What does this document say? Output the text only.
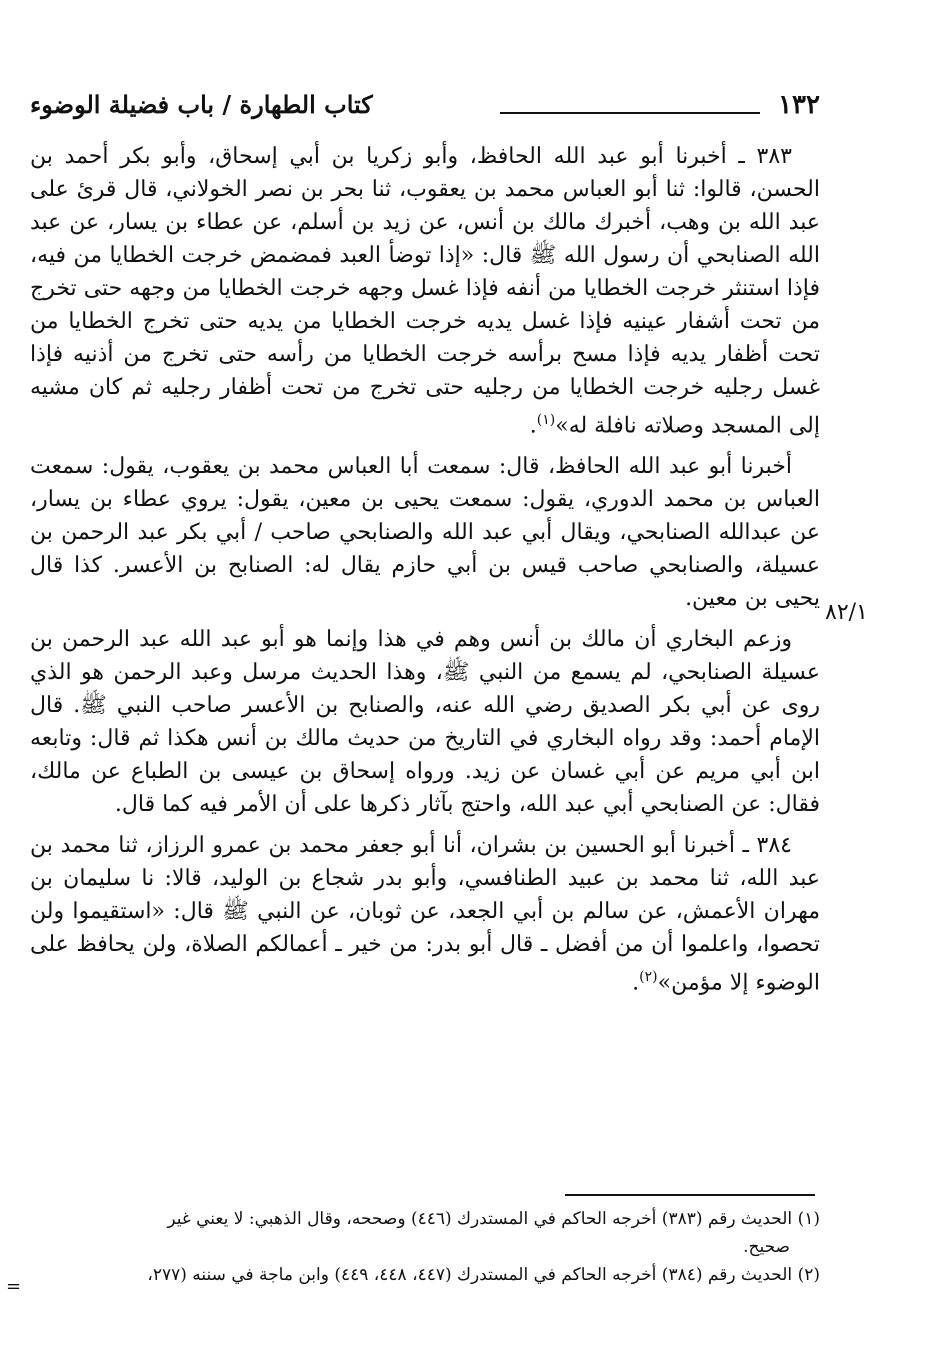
١٣٢
كتاب الطهارة / باب فضيلة الوضوء
٨٢/١

٣٨٣ ـ أخبرنا أبو عبد الله الحافظ، وأبو زكريا بن أبي إسحاق، وأبو بكر أحمد بن الحسن، قالوا: ثنا أبو العباس محمد بن يعقوب، ثنا بحر بن نصر الخولاني، قال قرئ على عبد الله بن وهب، أخبرك مالك بن أنس، عن زيد بن أسلم، عن عطاء بن يسار، عن عبد الله الصنابحي أن رسول الله ﷺ قال: «إذا توضأ العبد فمضمض خرجت الخطايا من فيه، فإذا استنثر خرجت الخطايا من أنفه فإذا غسل وجهه خرجت الخطايا من وجهه حتى تخرج من تحت أشفار عينيه فإذا غسل يديه خرجت الخطايا من يديه حتى تخرج الخطايا من تحت أظفار يديه فإذا مسح برأسه خرجت الخطايا من رأسه حتى تخرج من أذنيه فإذا غسل رجليه خرجت الخطايا من رجليه حتى تخرج من تحت أظفار رجليه ثم كان مشيه إلى المسجد وصلاته نافلة له»$^{(١)}$.

أخبرنا أبو عبد الله الحافظ، قال: سمعت أبا العباس محمد بن يعقوب، يقول: سمعت العباس بن محمد الدوري، يقول: سمعت يحيى بن معين، يقول: يروي عطاء بن يسار، عن عبدالله الصنابحي، ويقال أبي عبد الله والصنابحي صاحب / أبي بكر عبد الرحمن بن عسيلة، والصنابحي صاحب قيس بن أبي حازم يقال له: الصنابح بن الأعسر. كذا قال يحيى بن معين.

وزعم البخاري أن مالك بن أنس وهم في هذا وإنما هو أبو عبد الله عبد الرحمن بن عسيلة الصنابحي، لم يسمع من النبي ﷺ، وهذا الحديث مرسل وعبد الرحمن هو الذي روى عن أبي بكر الصديق رضي الله عنه، والصنابح بن الأعسر صاحب النبي ﷺ. قال الإمام أحمد: وقد رواه البخاري في التاريخ من حديث مالك بن أنس هكذا ثم قال: وتابعه ابن أبي مريم عن أبي غسان عن زيد. ورواه إسحاق بن عيسى بن الطباع عن مالك، فقال: عن الصنابحي أبي عبد الله، واحتج بآثار ذكرها على أن الأمر فيه كما قال.

٣٨٤ ـ أخبرنا أبو الحسين بن بشران، أنا أبو جعفر محمد بن عمرو الرزاز، ثنا محمد بن عبد الله، ثنا محمد بن عبيد الطنافسي، وأبو بدر شجاع بن الوليد، قالا: نا سليمان بن مهران الأعمش، عن سالم بن أبي الجعد، عن ثوبان، عن النبي ﷺ قال: «استقيموا ولن تحصوا، واعلموا أن من أفضل ـ قال أبو بدر: من خير ـ أعمالكم الصلاة، ولن يحافظ على الوضوء إلا مؤمن»$^{(٢)}$.

(١) الحديث رقم (٣٨٣) أخرجه الحاكم في المستدرك (٤٤٦) وصححه، وقال الذهبي: لا يعني غير
صحيح.

(٢) الحديث رقم (٣٨٤) أخرجه الحاكم في المستدرك (٤٤٧، ٤٤٨، ٤٤٩) وابن ماجة في سننه (٢٧٧،

=
